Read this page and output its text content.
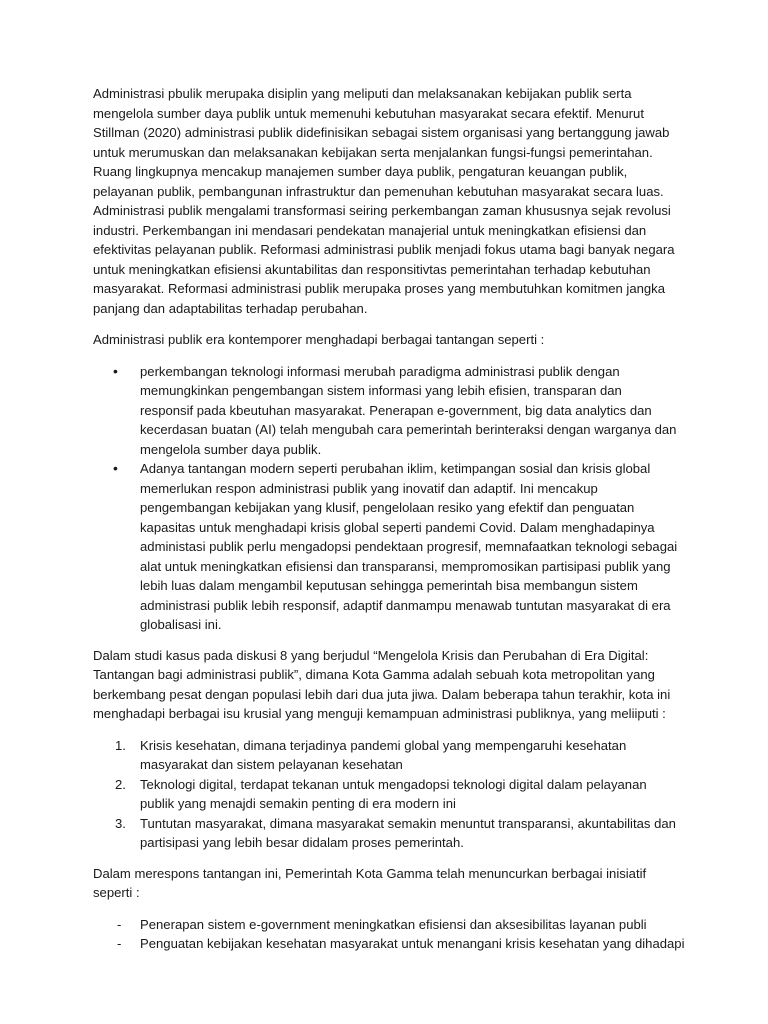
Administrasi pbulik merupaka disiplin yang meliputi dan melaksanakan kebijakan publik serta mengelola sumber daya publik untuk memenuhi kebutuhan masyarakat secara efektif. Menurut Stillman (2020) administrasi publik didefinisikan sebagai sistem organisasi yang bertanggung jawab untuk merumuskan dan melaksanakan kebijakan serta menjalankan fungsi-fungsi pemerintahan. Ruang lingkupnya mencakup manajemen sumber daya publik, pengaturan keuangan publik, pelayanan publik, pembangunan infrastruktur dan pemenuhan kebutuhan masyarakat secara luas. Administrasi publik mengalami transformasi seiring perkembangan zaman khususnya sejak revolusi industri. Perkembangan ini mendasari pendekatan manajerial untuk meningkatkan efisiensi dan efektivitas pelayanan publik. Reformasi administrasi publik menjadi fokus utama bagi banyak negara untuk meningkatkan efisiensi akuntabilitas dan responsitivtas pemerintahan terhadap kebutuhan masyarakat. Reformasi administrasi publik merupaka proses yang membutuhkan komitmen jangka panjang dan adaptabilitas terhadap perubahan.

Administrasi publik era kontemporer menghadapi berbagai tantangan seperti :

• perkembangan teknologi informasi merubah paradigma administrasi publik dengan memungkinkan pengembangan sistem informasi yang lebih efisien, transparan dan responsif pada kbeutuhan masyarakat. Penerapan e-government, big data analytics dan kecerdasan buatan (AI) telah mengubah cara pemerintah berinteraksi dengan warganya dan mengelola sumber daya publik.
• Adanya tantangan modern seperti perubahan iklim, ketimpangan sosial dan krisis global memerlukan respon administrasi publik yang inovatif dan adaptif. Ini mencakup pengembangan kebijakan yang klusif, pengelolaan resiko yang efektif dan penguatan kapasitas untuk menghadapi krisis global seperti pandemi Covid. Dalam menghadapinya administasi publik perlu mengadopsi pendektaan progresif, memnafaatkan teknologi sebagai alat untuk meningkatkan efisiensi dan transparansi, mempromosikan partisipasi publik yang lebih luas dalam mengambil keputusan sehingga pemerintah bisa membangun sistem administrasi publik lebih responsif, adaptif danmampu menawab tuntutan masyarakat di era globalisasi ini.

Dalam studi kasus pada diskusi 8 yang berjudul “Mengelola Krisis dan Perubahan di Era Digital: Tantangan bagi administrasi publik”, dimana Kota Gamma adalah sebuah kota metropolitan yang berkembang pesat dengan populasi lebih dari dua juta jiwa. Dalam beberapa tahun terakhir, kota ini menghadapi berbagai isu krusial yang menguji kemampuan administrasi publiknya, yang meliiputi :

1. Krisis kesehatan, dimana terjadinya pandemi global yang mempengaruhi kesehatan masyarakat dan sistem pelayanan kesehatan
2. Teknologi digital, terdapat tekanan untuk mengadopsi teknologi digital dalam pelayanan publik yang menajdi semakin penting di era modern ini
3. Tuntutan masyarakat, dimana masyarakat semakin menuntut transparansi, akuntabilitas dan partisipasi yang lebih besar didalam proses pemerintah.

Dalam merespons tantangan ini, Pemerintah Kota Gamma telah menuncurkan berbagai inisiatif seperti :

- Penerapan sistem e-government meningkatkan efisiensi dan aksesibilitas layanan publi
- Penguatan kebijakan kesehatan masyarakat untuk menangani krisis kesehatan yang dihadapi
